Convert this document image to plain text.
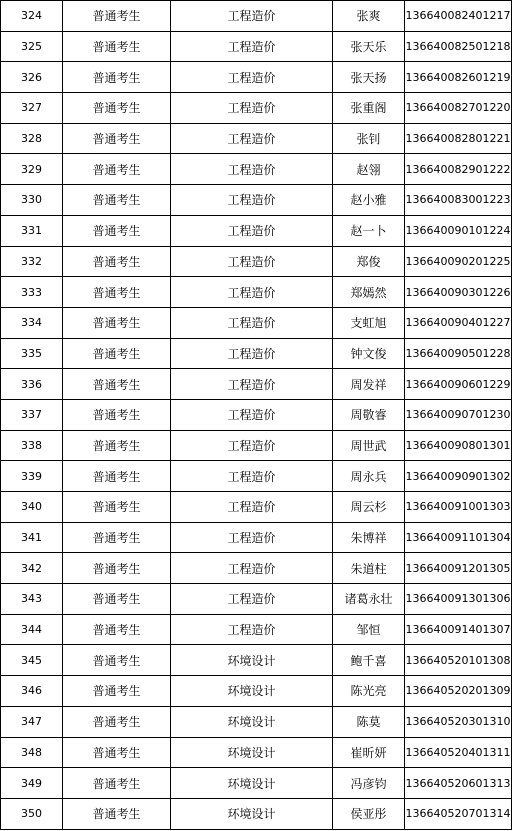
324	普通考生	工程造价	张爽	136640082401217
325	普通考生	工程造价	张天乐	136640082501218
326	普通考生	工程造价	张天扬	136640082601219
327	普通考生	工程造价	张重阁	136640082701220
328	普通考生	工程造价	张钊	136640082801221
329	普通考生	工程造价	赵翎	136640082901222
330	普通考生	工程造价	赵小雅	136640083001223
331	普通考生	工程造价	赵一卜	136640090101224
332	普通考生	工程造价	郑俊	136640090201225
333	普通考生	工程造价	郑嫣然	136640090301226
334	普通考生	工程造价	支虹旭	136640090401227
335	普通考生	工程造价	钟文俊	136640090501228
336	普通考生	工程造价	周发祥	136640090601229
337	普通考生	工程造价	周敬睿	136640090701230
338	普通考生	工程造价	周世武	136640090801301
339	普通考生	工程造价	周永兵	136640090901302
340	普通考生	工程造价	周云杉	136640091001303
341	普通考生	工程造价	朱博祥	136640091101304
342	普通考生	工程造价	朱道柱	136640091201305
343	普通考生	工程造价	诸葛永壮	136640091301306
344	普通考生	工程造价	邹恒	136640091401307
345	普通考生	环境设计	鲍千喜	136640520101308
346	普通考生	环境设计	陈光亮	136640520201309
347	普通考生	环境设计	陈莫	136640520301310
348	普通考生	环境设计	崔昕妍	136640520401311
349	普通考生	环境设计	冯彦钧	136640520601313
350	普通考生	环境设计	侯亚彤	136640520701314
